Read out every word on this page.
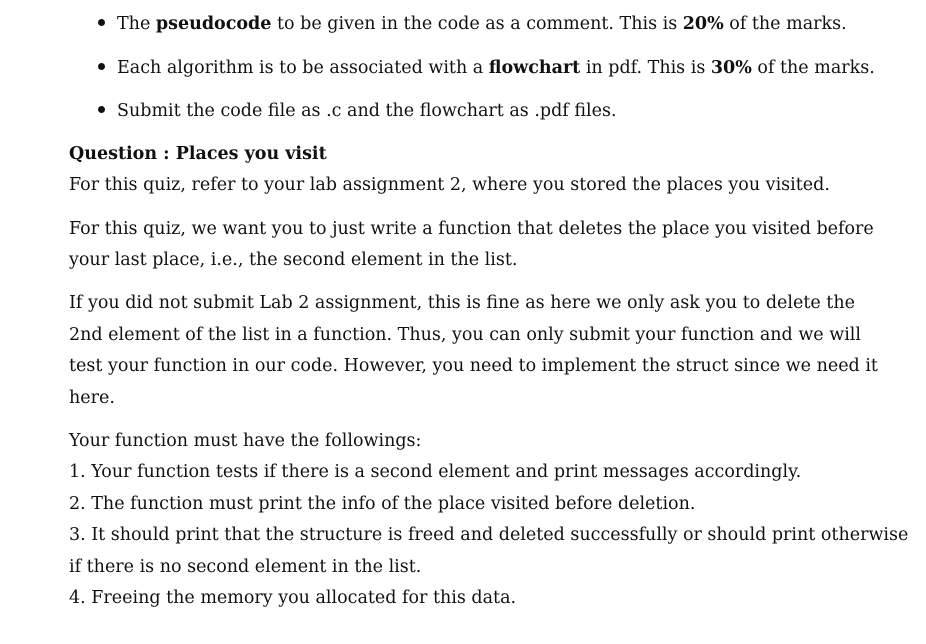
The pseudocode to be given in the code as a comment. This is 20% of the marks.
Each algorithm is to be associated with a flowchart in pdf. This is 30% of the marks.
Submit the code file as .c and the flowchart as .pdf files.
Question : Places you visit
For this quiz, refer to your lab assignment 2, where you stored the places you visited.
For this quiz, we want you to just write a function that deletes the place you visited before
your last place, i.e., the second element in the list.
If you did not submit Lab 2 assignment, this is fine as here we only ask you to delete the
2nd element of the list in a function. Thus, you can only submit your function and we will
test your function in our code. However, you need to implement the struct since we need it
here.
Your function must have the followings:
1. Your function tests if there is a second element and print messages accordingly.
2. The function must print the info of the place visited before deletion.
3. It should print that the structure is freed and deleted successfully or should print otherwise
if there is no second element in the list.
4. Freeing the memory you allocated for this data.
